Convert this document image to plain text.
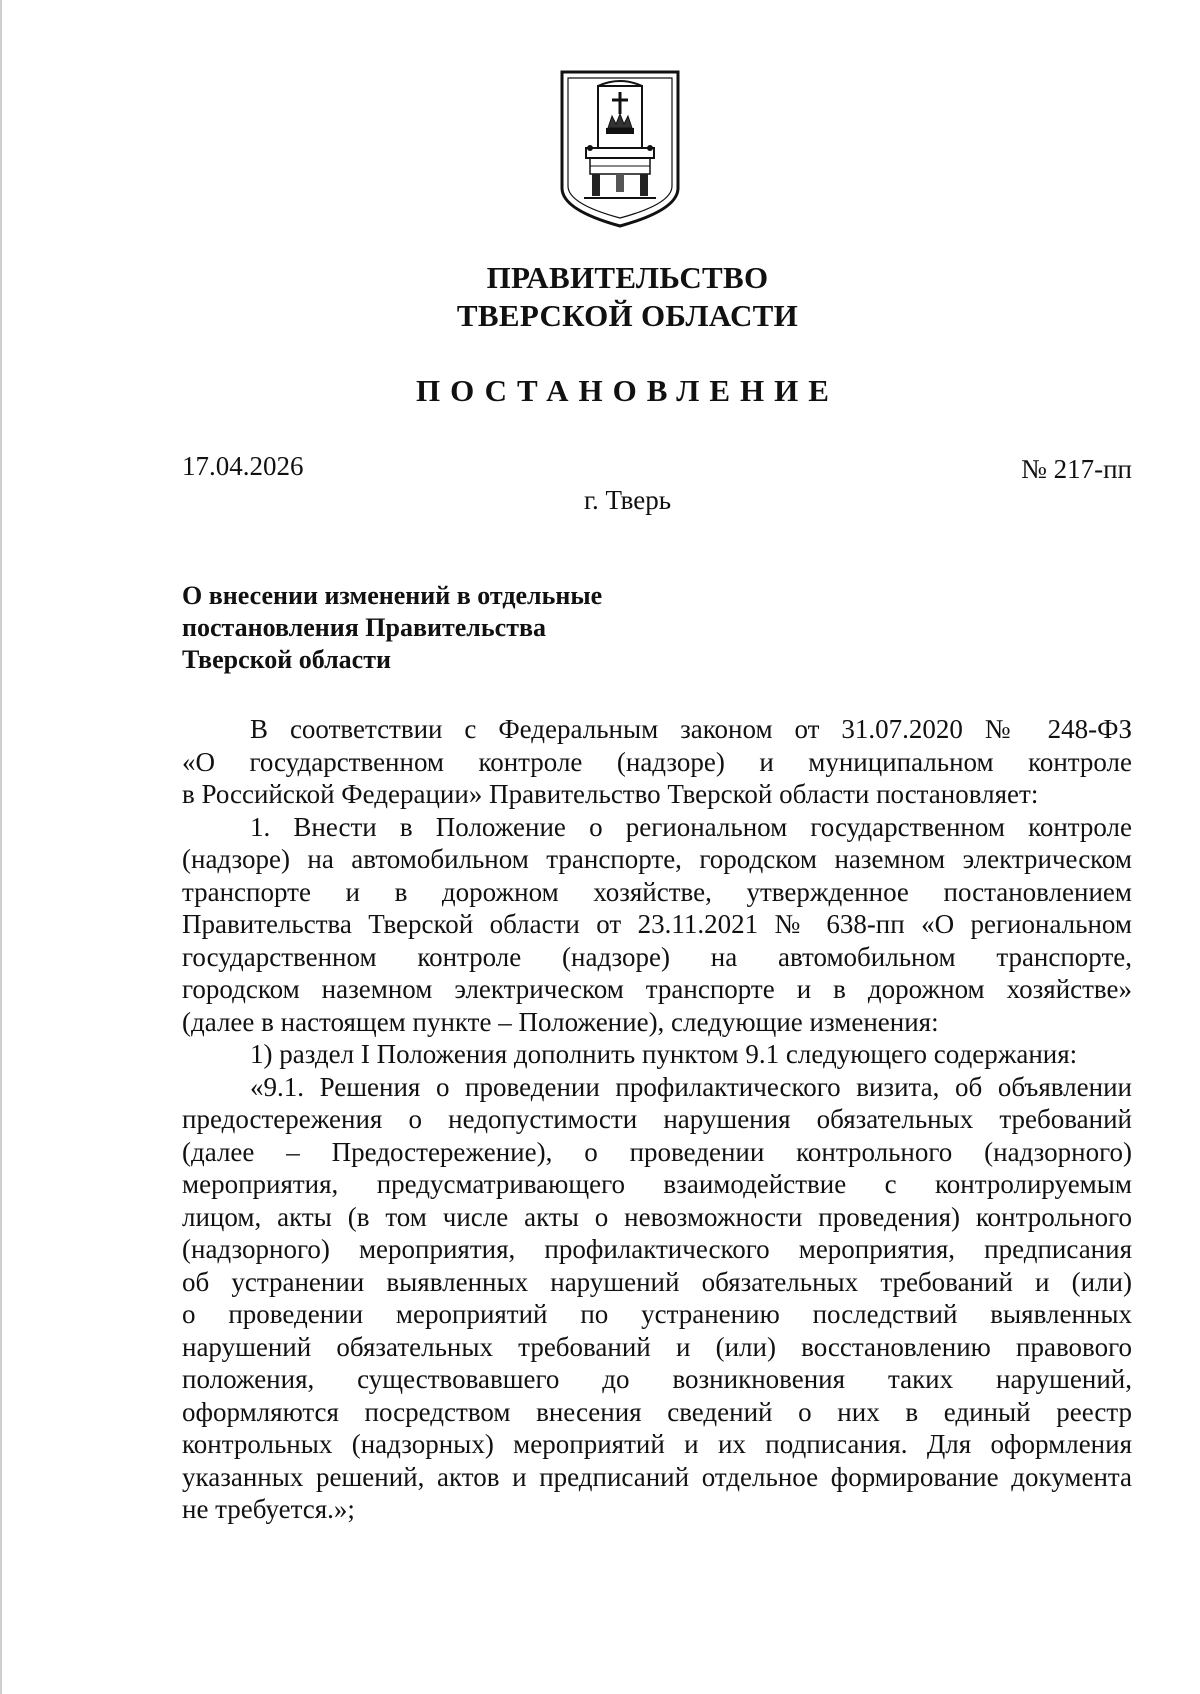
ПРАВИТЕЛЬСТВО
ТВЕРСКОЙ ОБЛАСТИ
ПОСТАНОВЛЕНИЕ
17.04.2026	№ 217-пп
г. Тверь
О внесении изменений в отдельные
постановления Правительства
Тверской области
В соответствии с Федеральным законом от 31.07.2020 № 248-ФЗ
«О государственном контроле (надзоре) и муниципальном контроле
в Российской Федерации» Правительство Тверской области постановляет:
1. Внести в Положение о региональном государственном контроле
(надзоре) на автомобильном транспорте, городском наземном электрическом
транспорте и в дорожном хозяйстве, утвержденное постановлением
Правительства Тверской области от 23.11.2021 № 638-пп «О региональном
государственном контроле (надзоре) на автомобильном транспорте,
городском наземном электрическом транспорте и в дорожном хозяйстве»
(далее в настоящем пункте – Положение), следующие изменения:
1) раздел I Положения дополнить пунктом 9.1 следующего содержания:
«9.1. Решения о проведении профилактического визита, об объявлении
предостережения о недопустимости нарушения обязательных требований
(далее – Предостережение), о проведении контрольного (надзорного)
мероприятия, предусматривающего взаимодействие с контролируемым
лицом, акты (в том числе акты о невозможности проведения) контрольного
(надзорного) мероприятия, профилактического мероприятия, предписания
об устранении выявленных нарушений обязательных требований и (или)
о проведении мероприятий по устранению последствий выявленных
нарушений обязательных требований и (или) восстановлению правового
положения, существовавшего до возникновения таких нарушений,
оформляются посредством внесения сведений о них в единый реестр
контрольных (надзорных) мероприятий и их подписания. Для оформления
указанных решений, актов и предписаний отдельное формирование документа
не требуется.»;
